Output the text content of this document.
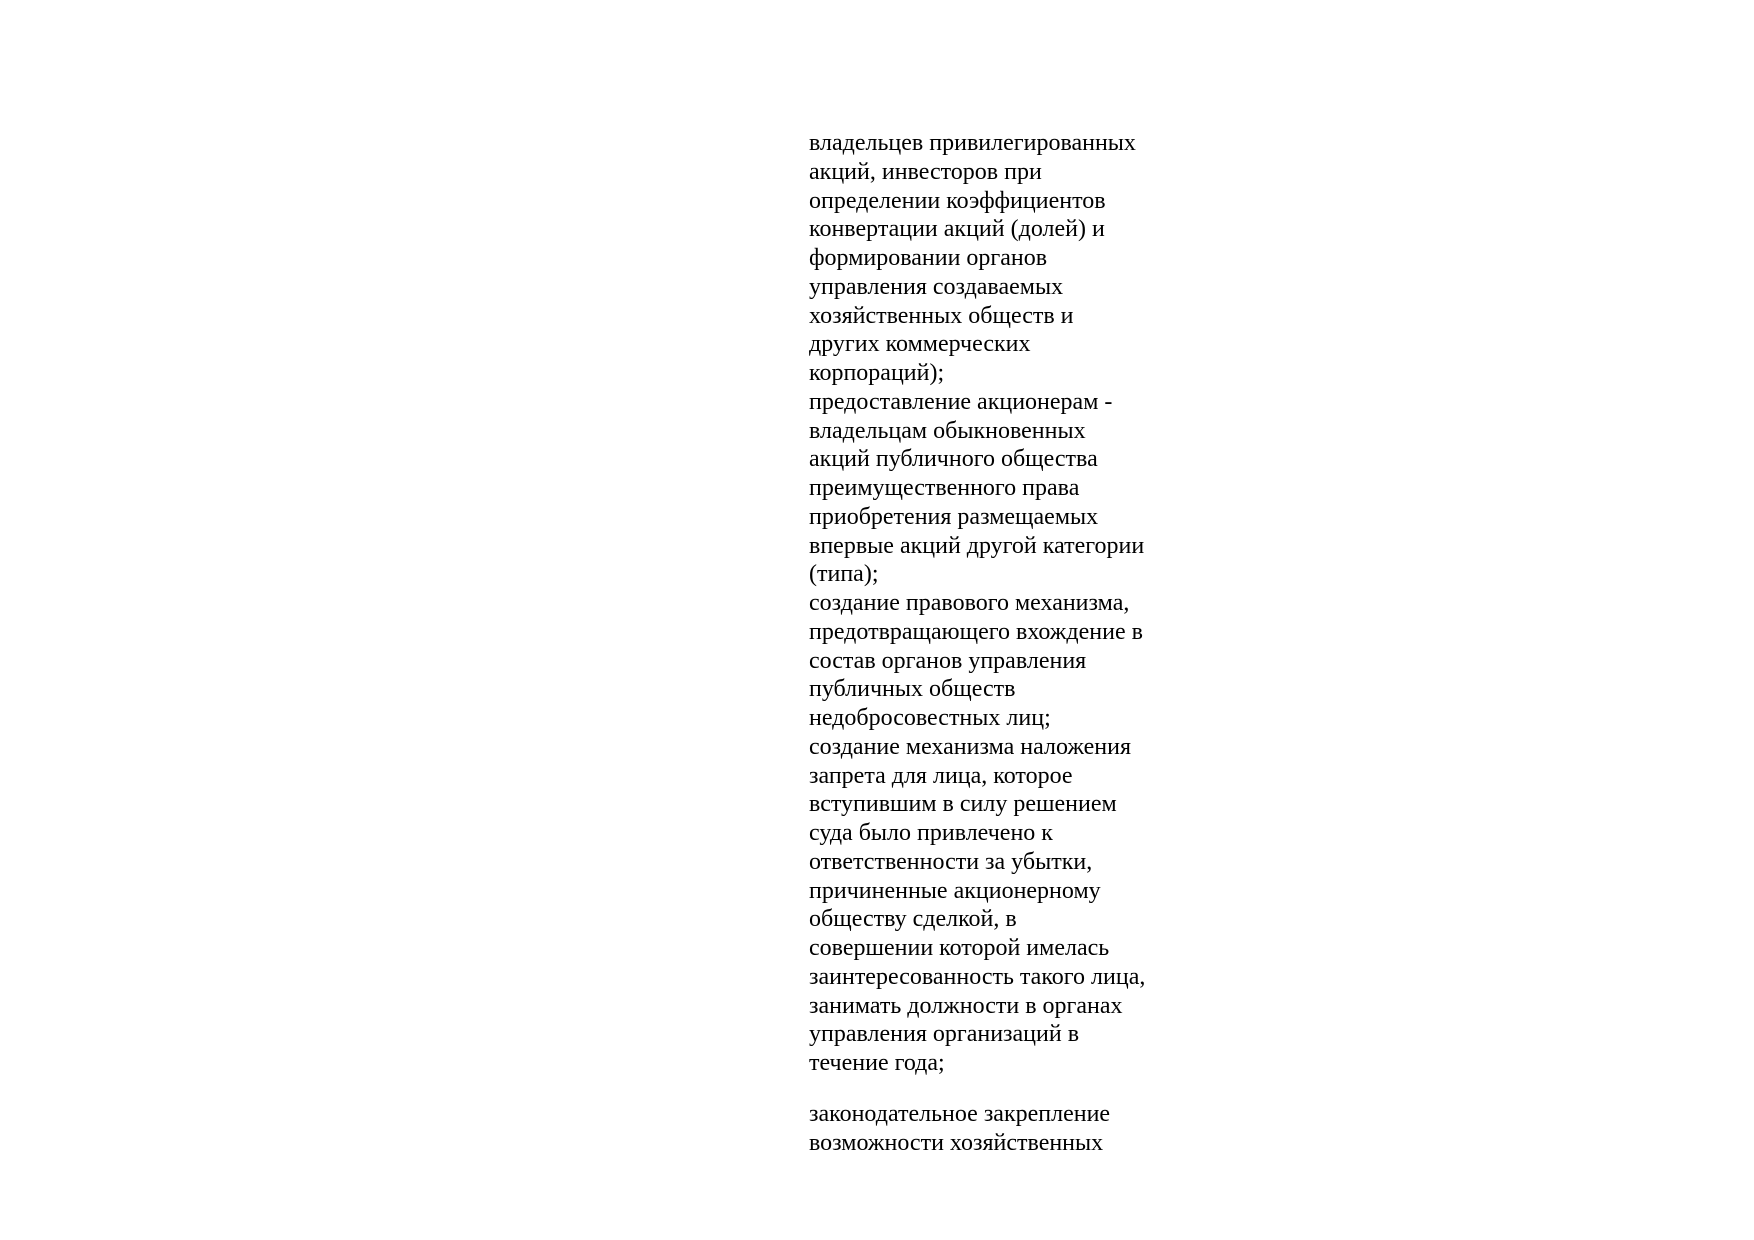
владельцев привилегированных
акций, инвесторов при
определении коэффициентов
конвертации акций (долей) и
формировании органов
управления создаваемых
хозяйственных обществ и
других коммерческих
корпораций);
предоставление акционерам -
владельцам обыкновенных
акций публичного общества
преимущественного права
приобретения размещаемых
впервые акций другой категории
(типа);
создание правового механизма,
предотвращающего вхождение в
состав органов управления
публичных обществ
недобросовестных лиц;
создание механизма наложения
запрета для лица, которое
вступившим в силу решением
суда было привлечено к
ответственности за убытки,
причиненные акционерному
обществу сделкой, в
совершении которой имелась
заинтересованность такого лица,
занимать должности в органах
управления организаций в
течение года;

законодательное закрепление
возможности хозяйственных
